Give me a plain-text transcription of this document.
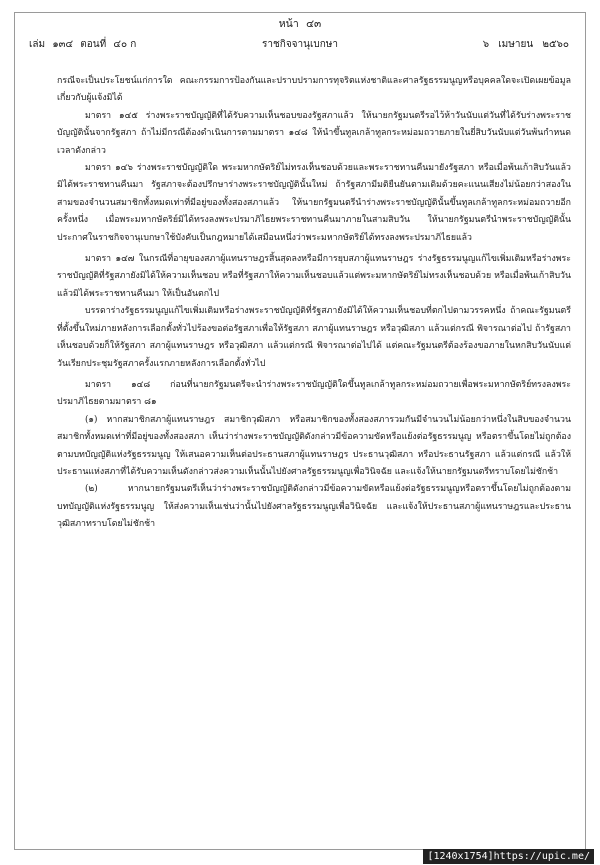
หน้า ๔๓
เล่ม ๑๓๔ ตอนที่ ๔๐ ก	ราชกิจจานุเบกษา	๖ เมษายน ๒๕๖๐

กรณีจะเป็นประโยชน์แก่การใด คณะกรรมการป้องกันและปราบปรามการทุจริตแห่งชาติและศาลรัฐธรรมนูญหรือบุคคลใดจะเปิดเผยข้อมูลเกี่ยวกับผู้แจ้งมิได้

มาตรา ๑๔๕ ร่างพระราชบัญญัติที่ได้รับความเห็นชอบของรัฐสภาแล้ว ให้นายกรัฐมนตรีรอไว้ห้าวันนับแต่วันที่ได้รับร่างพระราชบัญญัตินั้นจากรัฐสภา ถ้าไม่มีกรณีต้องดำเนินการตามมาตรา ๑๔๘ ให้นำขึ้นทูลเกล้าทูลกระหม่อมถวายภายในยี่สิบวันนับแต่วันพ้นกำหนดเวลาดังกล่าว

มาตรา ๑๔๖ ร่างพระราชบัญญัติใด พระมหากษัตริย์ไม่ทรงเห็นชอบด้วยและพระราชทานคืนมายังรัฐสภา หรือเมื่อพ้นเก้าสิบวันแล้วมิได้พระราชทานคืนมา รัฐสภาจะต้องปรึกษาร่างพระราชบัญญัตินั้นใหม่ ถ้ารัฐสภามีมติยืนยันตามเดิมด้วยคะแนนเสียงไม่น้อยกว่าสองในสามของจำนวนสมาชิกทั้งหมดเท่าที่มีอยู่ของทั้งสองสภาแล้ว ให้นายกรัฐมนตรีนำร่างพระราชบัญญัตินั้นขึ้นทูลเกล้าทูลกระหม่อมถวายอีกครั้งหนึ่ง เมื่อพระมหากษัตริย์มิได้ทรงลงพระปรมาภิไธยพระราชทานคืนมาภายในสามสิบวัน ให้นายกรัฐมนตรีนำพระราชบัญญัตินั้นประกาศในราชกิจจานุเบกษาใช้บังคับเป็นกฎหมายได้เสมือนหนึ่งว่าพระมหากษัตริย์ได้ทรงลงพระปรมาภิไธยแล้ว

มาตรา ๑๔๗ ในกรณีที่อายุของสภาผู้แทนราษฎรสิ้นสุดลงหรือมีการยุบสภาผู้แทนราษฎร ร่างรัฐธรรมนูญแก้ไขเพิ่มเติมหรือร่างพระราชบัญญัติที่รัฐสภายังมิได้ให้ความเห็นชอบ หรือที่รัฐสภาให้ความเห็นชอบแล้วแต่พระมหากษัตริย์ไม่ทรงเห็นชอบด้วย หรือเมื่อพ้นเก้าสิบวันแล้วมิได้พระราชทานคืนมา ให้เป็นอันตกไป

บรรดาร่างรัฐธรรมนูญแก้ไขเพิ่มเติมหรือร่างพระราชบัญญัติที่รัฐสภายังมิได้ให้ความเห็นชอบที่ตกไปตามวรรคหนึ่ง ถ้าคณะรัฐมนตรีที่ตั้งขึ้นใหม่ภายหลังการเลือกตั้งทั่วไปร้องขอต่อรัฐสภาเพื่อให้รัฐสภา สภาผู้แทนราษฎร หรือวุฒิสภา แล้วแต่กรณี พิจารณาต่อไป ถ้ารัฐสภาเห็นชอบด้วยก็ให้รัฐสภา สภาผู้แทนราษฎร หรือวุฒิสภา แล้วแต่กรณี พิจารณาต่อไปได้ แต่คณะรัฐมนตรีต้องร้องขอภายในหกสิบวันนับแต่วันเรียกประชุมรัฐสภาครั้งแรกภายหลังการเลือกตั้งทั่วไป

มาตรา ๑๔๘ ก่อนที่นายกรัฐมนตรีจะนำร่างพระราชบัญญัติใดขึ้นทูลเกล้าทูลกระหม่อมถวายเพื่อพระมหากษัตริย์ทรงลงพระปรมาภิไธยตามมาตรา ๘๑

(๑) หากสมาชิกสภาผู้แทนราษฎร สมาชิกวุฒิสภา หรือสมาชิกของทั้งสองสภารวมกันมีจำนวนไม่น้อยกว่าหนึ่งในสิบของจำนวนสมาชิกทั้งหมดเท่าที่มีอยู่ของทั้งสองสภา เห็นว่าร่างพระราชบัญญัติดังกล่าวมีข้อความขัดหรือแย้งต่อรัฐธรรมนูญ หรือตราขึ้นโดยไม่ถูกต้องตามบทบัญญัติแห่งรัฐธรรมนูญ ให้เสนอความเห็นต่อประธานสภาผู้แทนราษฎร ประธานวุฒิสภา หรือประธานรัฐสภา แล้วแต่กรณี แล้วให้ประธานแห่งสภาที่ได้รับความเห็นดังกล่าวส่งความเห็นนั้นไปยังศาลรัฐธรรมนูญเพื่อวินิจฉัย และแจ้งให้นายกรัฐมนตรีทราบโดยไม่ชักช้า

(๒) หากนายกรัฐมนตรีเห็นว่าร่างพระราชบัญญัติดังกล่าวมีข้อความขัดหรือแย้งต่อรัฐธรรมนูญหรือตราขึ้นโดยไม่ถูกต้องตามบทบัญญัติแห่งรัฐธรรมนูญ ให้ส่งความเห็นเช่นว่านั้นไปยังศาลรัฐธรรมนูญเพื่อวินิจฉัย และแจ้งให้ประธานสภาผู้แทนราษฎรและประธานวุฒิสภาทราบโดยไม่ชักช้า

[1240x1754]https://upic.me/
